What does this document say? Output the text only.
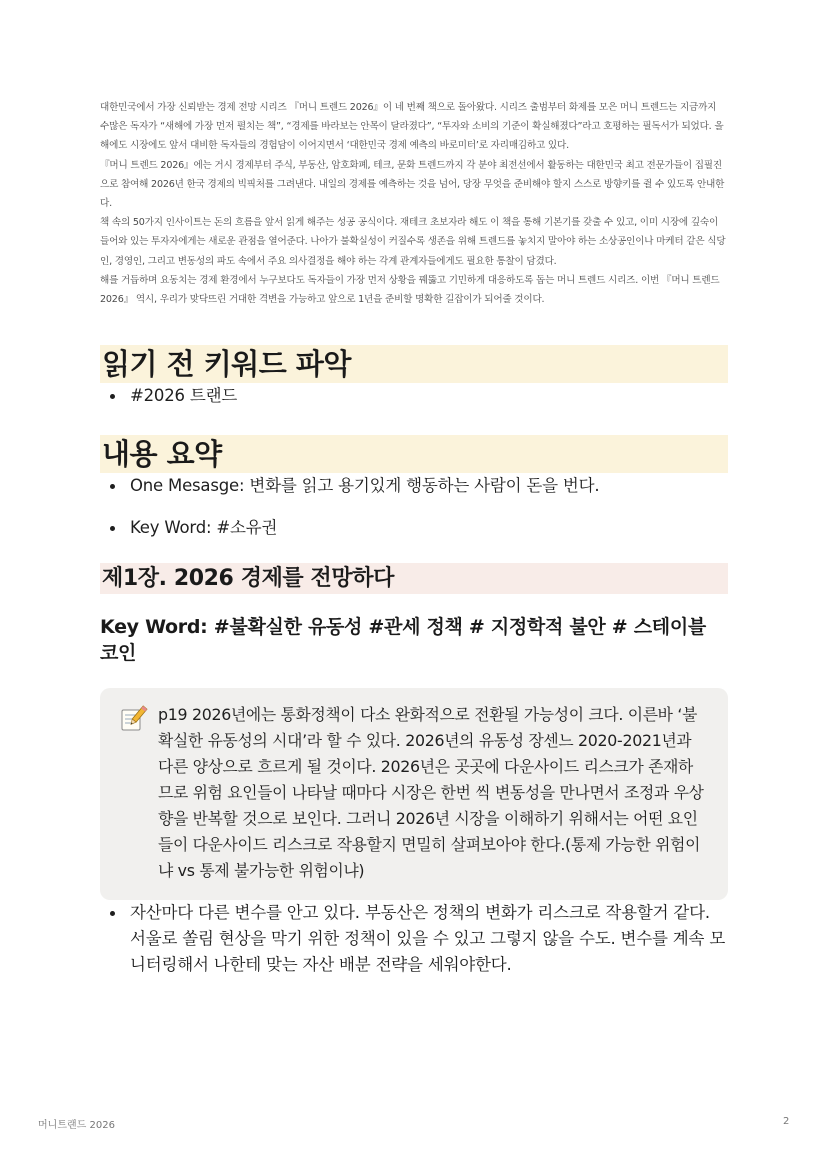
대한민국에서 가장 신뢰받는 경제 전망 시리즈 『머니 트렌드 2026』이 네 번째 책으로 돌아왔다. 시리즈 출범부터 화제를 모은 머니 트렌드는 지금까지 수많은 독자가 “새해에 가장 먼저 펼치는 책”, “경제를 바라보는 안목이 달라졌다”, “투자와 소비의 기준이 확실해졌다”라고 호평하는 필독서가 되었다. 올해에도 시장에도 앞서 대비한 독자들의 경험담이 이어지면서 ‘대한민국 경제 예측의 바로미터’로 자리매김하고 있다.

『머니 트렌드 2026』에는 거시 경제부터 주식, 부동산, 암호화폐, 테크, 문화 트렌드까지 각 분야 최전선에서 활동하는 대한민국 최고 전문가들이 집필진으로 참여해 2026년 한국 경제의 빅픽처를 그려낸다. 내일의 경제를 예측하는 것을 넘어, 당장 무엇을 준비해야 할지 스스로 방향키를 쥘 수 있도록 안내한다.

책 속의 50가지 인사이트는 돈의 흐름을 앞서 읽게 해주는 성공 공식이다. 재테크 초보자라 해도 이 책을 통해 기본기를 갖출 수 있고, 이미 시장에 깊숙이 들어와 있는 투자자에게는 새로운 관점을 열어준다. 나아가 불확실성이 커질수록 생존을 위해 트렌드를 놓치지 말아야 하는 소상공인이나 마케터 같은 식당인, 경영인, 그리고 변동성의 파도 속에서 주요 의사결정을 해야 하는 각계 관계자들에게도 필요한 통찰이 담겼다.

해를 거듭하며 요동치는 경제 환경에서 누구보다도 독자들이 가장 먼저 상황을 꿰뚫고 기민하게 대응하도록 돕는 머니 트렌드 시리즈. 이번 『머니 트렌드 2026』 역시, 우리가 맞닥뜨린 거대한 격변을 가능하고 앞으로 1년을 준비할 명확한 길잡이가 되어줄 것이다.

읽기 전 키워드 파악
#2026 트랜드
내용 요약
One Mesasge: 변화를 읽고 용기있게 행동하는 사람이 돈을 번다.
Key Word: #소유권
제1장. 2026 경제를 전망하다
Key Word: #불확실한 유동성 #관세 정책 # 지정학적 불안 # 스테이블 코인
p19 2026년에는 통화정책이 다소 완화적으로 전환될 가능성이 크다. 이른바 ‘불확실한 유동성의 시대’라 할 수 있다. 2026년의 유동성 장센느 2020-2021년과 다른 양상으로 흐르게 될 것이다. 2026년은 곳곳에 다운사이드 리스크가 존재하므로 위험 요인들이 나타날 때마다 시장은 한번 씩 변동성을 만나면서 조정과 우상향을 반복할 것으로 보인다. 그러니 2026년 시장을 이해하기 위해서는 어떤 요인들이 다운사이드 리스크로 작용할지 면밀히 살펴보아야 한다.(통제 가능한 위험이냐 vs 통제 불가능한 위험이냐)
자산마다 다른 변수를 안고 있다. 부동산은 정책의 변화가 리스크로 작용할거 같다. 서울로 쏠림 현상을 막기 위한 정책이 있을 수 있고 그렇지 않을 수도. 변수를 계속 모니터링해서 나한테 맞는 자산 배분 전략을 세워야한다.
머니트랜드 2026	2
